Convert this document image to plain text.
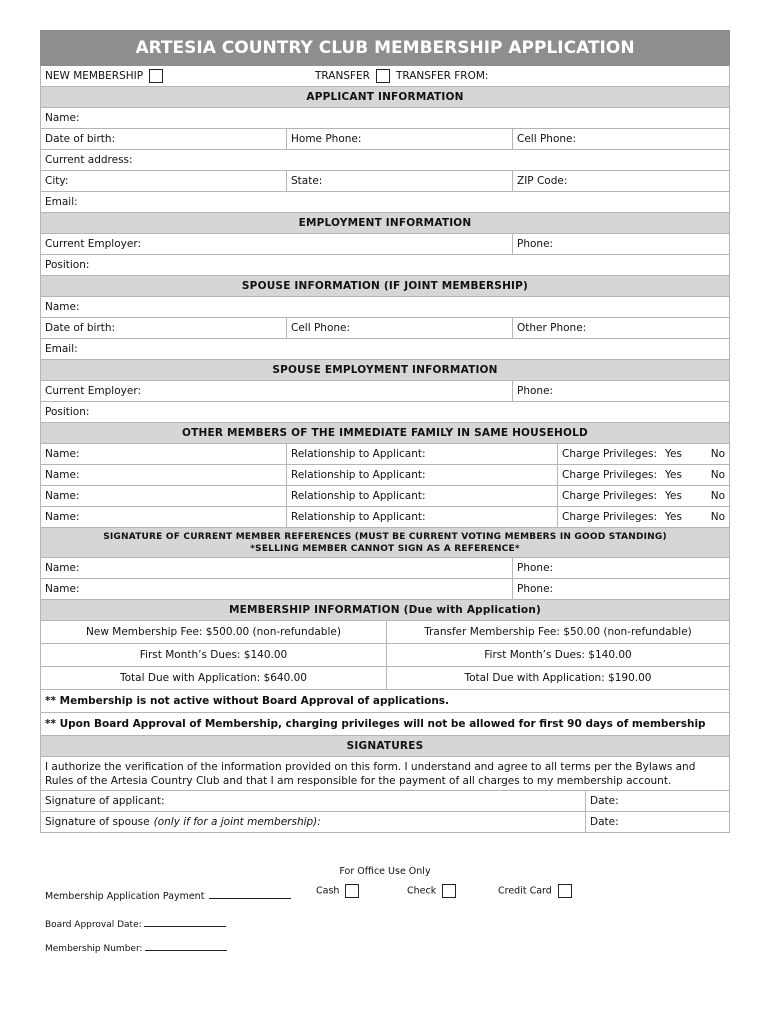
ARTESIA COUNTRY CLUB MEMBERSHIP APPLICATION
NEW MEMBERSHIP	TRANSFER TRANSFER FROM:
APPLICANT INFORMATION
Name:
Date of birth:	Home Phone:	Cell Phone:
Current address:
City:	State:	ZIP Code:
Email:
EMPLOYMENT INFORMATION
Current Employer:	Phone:
Position:
SPOUSE INFORMATION (IF JOINT MEMBERSHIP)
Name:
Date of birth:	Cell Phone:	Other Phone:
Email:
SPOUSE EMPLOYMENT INFORMATION
Current Employer:	Phone:
Position:
OTHER MEMBERS OF THE IMMEDIATE FAMILY IN SAME HOUSEHOLD
Name:	Relationship to Applicant:	Charge Privileges: Yes	No
Name:	Relationship to Applicant:	Charge Privileges: Yes	No
Name:	Relationship to Applicant:	Charge Privileges: Yes	No
Name:	Relationship to Applicant:	Charge Privileges: Yes	No
SIGNATURE OF CURRENT MEMBER REFERENCES (MUST BE CURRENT VOTING MEMBERS IN GOOD STANDING)
*SELLING MEMBER CANNOT SIGN AS A REFERENCE*
Name:	Phone:
Name:	Phone:
MEMBERSHIP INFORMATION (Due with Application)
New Membership Fee: $500.00 (non-refundable)	Transfer Membership Fee: $50.00 (non-refundable)
First Month’s Dues: $140.00	First Month’s Dues: $140.00
Total Due with Application: $640.00	Total Due with Application: $190.00
** Membership is not active without Board Approval of applications.
** Upon Board Approval of Membership, charging privileges will not be allowed for first 90 days of membership
SIGNATURES
I authorize the verification of the information provided on this form. I understand and agree to all terms per the Bylaws and Rules of the Artesia Country Club and that I am responsible for the payment of all charges to my membership account.
Signature of applicant:	Date:
Signature of spouse (only if for a joint membership):	Date:
For Office Use Only
Membership Application Payment	Cash	Check	Credit Card
Board Approval Date:
Membership Number:
